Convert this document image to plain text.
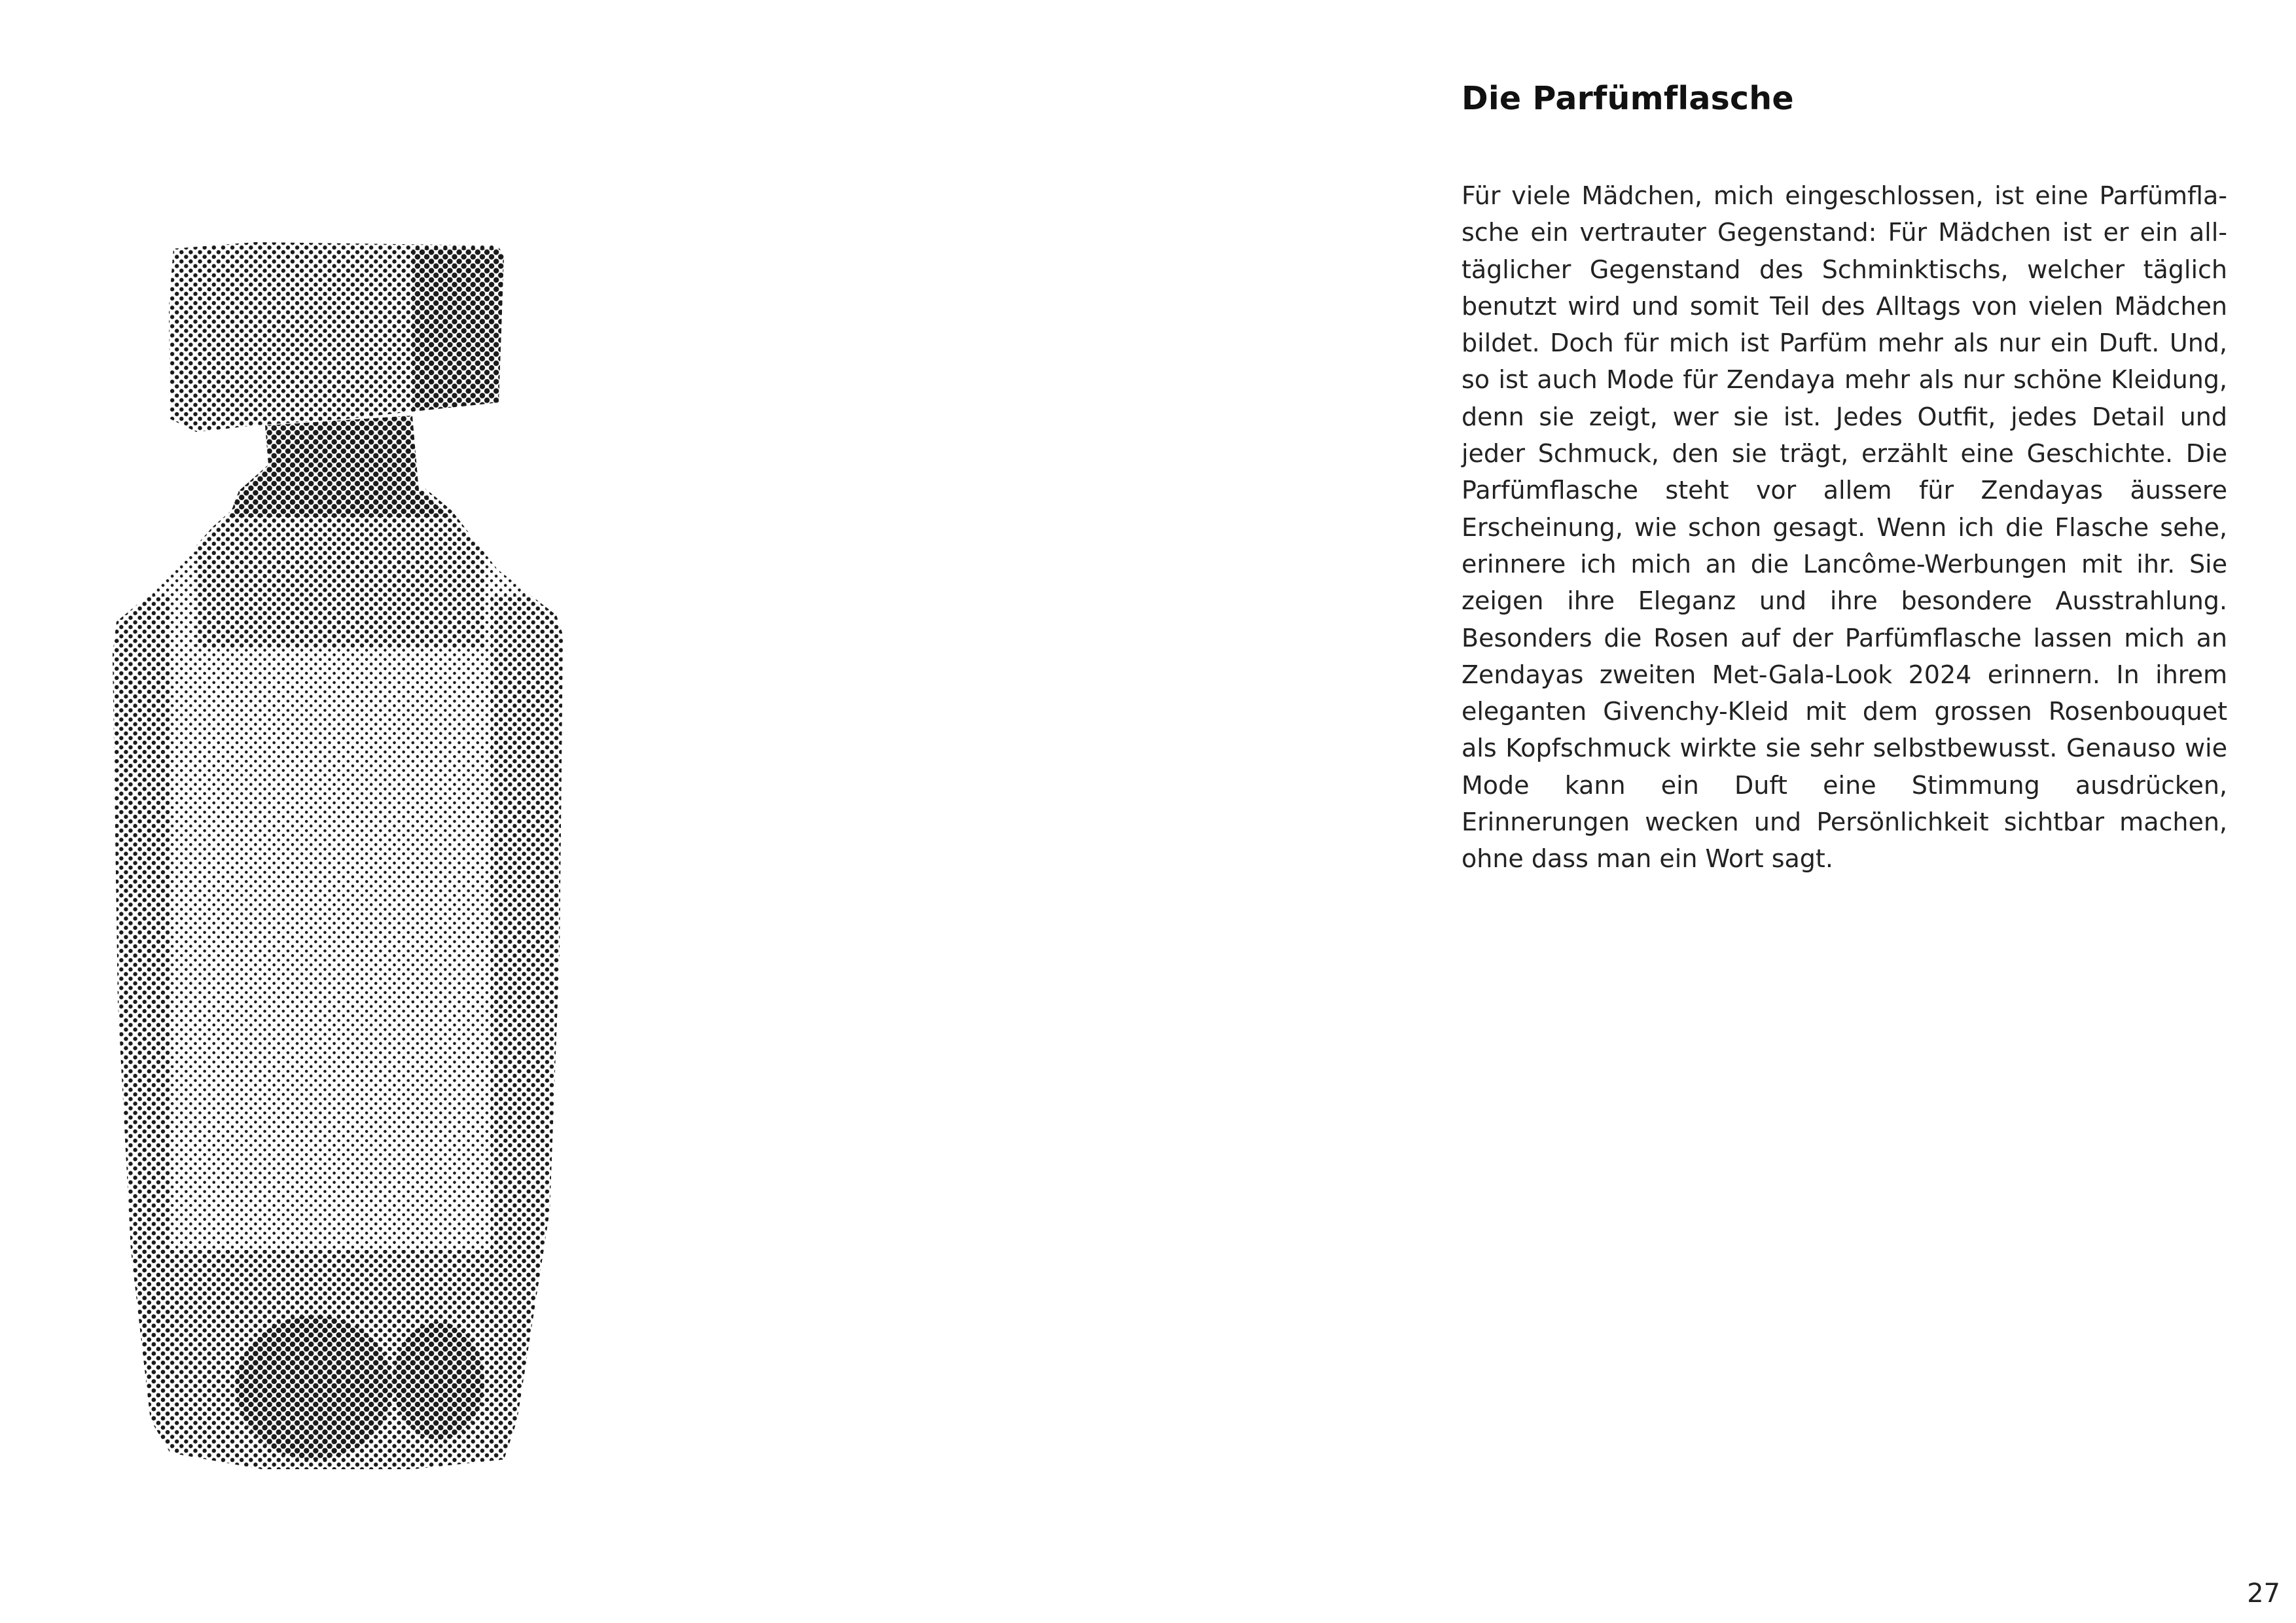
Die Parfümflasche

Für viele Mädchen, mich eingeschlossen, ist eine Parfümflasche ein vertrauter Gegenstand: Für Mädchen ist er ein alltäglicher Gegenstand des Schminktischs, welcher täglich benutzt wird und somit Teil des Alltags von vielen Mädchen bildet. Doch für mich ist Parfüm mehr als nur ein Duft. Und, so ist auch Mode für Zendaya mehr als nur schöne Kleidung, denn sie zeigt, wer sie ist. Jedes Outfit, jedes Detail und jeder Schmuck, den sie trägt, erzählt eine Geschichte. Die Parfümflasche steht vor allem für Zendayas äussere Erscheinung, wie schon gesagt. Wenn ich die Flasche sehe, erinnere ich mich an die Lancôme-Werbungen mit ihr. Sie zeigen ihre Eleganz und ihre besondere Ausstrahlung. Besonders die Rosen auf der Parfümflasche lassen mich an Zendayas zweiten Met-Gala-Look 2024 erinnern. In ihrem eleganten Givenchy-Kleid mit dem grossen Rosenbouquet als Kopfschmuck wirkte sie sehr selbstbewusst. Genauso wie Mode kann ein Duft eine Stimmung ausdrücken, Erinnerungen wecken und Persönlichkeit sichtbar machen, ohne dass man ein Wort sagt.

27
